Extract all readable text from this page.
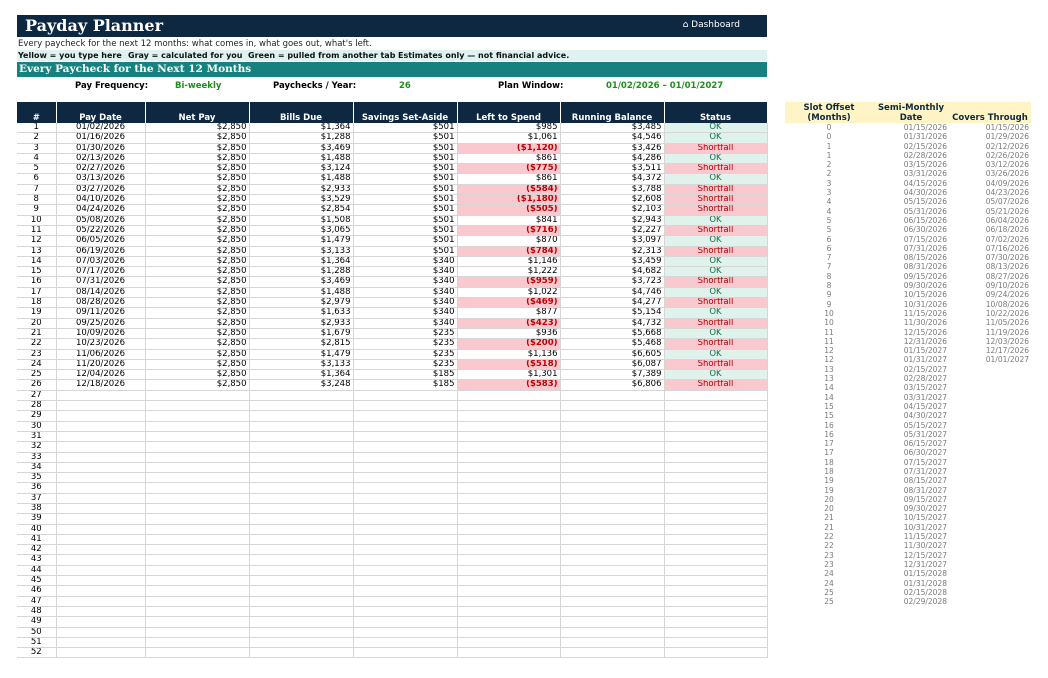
Payday Planner	⌂ Dashboard
Every paycheck for the next 12 months: what comes in, what goes out, what's left.
Yellow = you type here Gray = calculated for you Green = pulled from another tab Estimates only — not financial advice.
Every Paycheck for the Next 12 Months
Pay Frequency:	Bi-weekly	Paychecks / Year:	26	Plan Window:	01/02/2026 – 01/01/2027
#	Pay Date	Net Pay	Bills Due	Savings Set-Aside	Left to Spend	Running Balance	Status
1	01/02/2026	$2,850	$1,364	$501	$985	$3,485	OK
2	01/16/2026	$2,850	$1,288	$501	$1,061	$4,546	OK
3	01/30/2026	$2,850	$3,469	$501	($1,120)	$3,426	Shortfall
4	02/13/2026	$2,850	$1,488	$501	$861	$4,286	OK
5	02/27/2026	$2,850	$3,124	$501	($775)	$3,511	Shortfall
6	03/13/2026	$2,850	$1,488	$501	$861	$4,372	OK
7	03/27/2026	$2,850	$2,933	$501	($584)	$3,788	Shortfall
8	04/10/2026	$2,850	$3,529	$501	($1,180)	$2,608	Shortfall
9	04/24/2026	$2,850	$2,854	$501	($505)	$2,103	Shortfall
10	05/08/2026	$2,850	$1,508	$501	$841	$2,943	OK
11	05/22/2026	$2,850	$3,065	$501	($716)	$2,227	Shortfall
12	06/05/2026	$2,850	$1,479	$501	$870	$3,097	OK
13	06/19/2026	$2,850	$3,133	$501	($784)	$2,313	Shortfall
14	07/03/2026	$2,850	$1,364	$340	$1,146	$3,459	OK
15	07/17/2026	$2,850	$1,288	$340	$1,222	$4,682	OK
16	07/31/2026	$2,850	$3,469	$340	($959)	$3,723	Shortfall
17	08/14/2026	$2,850	$1,488	$340	$1,022	$4,746	OK
18	08/28/2026	$2,850	$2,979	$340	($469)	$4,277	Shortfall
19	09/11/2026	$2,850	$1,633	$340	$877	$5,154	OK
20	09/25/2026	$2,850	$2,933	$340	($423)	$4,732	Shortfall
21	10/09/2026	$2,850	$1,679	$235	$936	$5,668	OK
22	10/23/2026	$2,850	$2,815	$235	($200)	$5,468	Shortfall
23	11/06/2026	$2,850	$1,479	$235	$1,136	$6,605	OK
24	11/20/2026	$2,850	$3,133	$235	($518)	$6,087	Shortfall
25	12/04/2026	$2,850	$1,364	$185	$1,301	$7,389	OK
26	12/18/2026	$2,850	$3,248	$185	($583)	$6,806	Shortfall
27							
28							
29							
30							
31							
32							
33							
34							
35							
36							
37							
38							
39							
40							
41							
42							
43							
44							
45							
46							
47							
48							
49							
50							
51							
52							
Slot Offset (Months)	Semi-Monthly Date	Covers Through
0	01/15/2026	01/15/2026
0	01/31/2026	01/29/2026
1	02/15/2026	02/12/2026
1	02/28/2026	02/26/2026
2	03/15/2026	03/12/2026
2	03/31/2026	03/26/2026
3	04/15/2026	04/09/2026
3	04/30/2026	04/23/2026
4	05/15/2026	05/07/2026
4	05/31/2026	05/21/2026
5	06/15/2026	06/04/2026
5	06/30/2026	06/18/2026
6	07/15/2026	07/02/2026
6	07/31/2026	07/16/2026
7	08/15/2026	07/30/2026
7	08/31/2026	08/13/2026
8	09/15/2026	08/27/2026
8	09/30/2026	09/10/2026
9	10/15/2026	09/24/2026
9	10/31/2026	10/08/2026
10	11/15/2026	10/22/2026
10	11/30/2026	11/05/2026
11	12/15/2026	11/19/2026
11	12/31/2026	12/03/2026
12	01/15/2027	12/17/2026
12	01/31/2027	01/01/2027
13	02/15/2027	
13	02/28/2027	
14	03/15/2027	
14	03/31/2027	
15	04/15/2027	
15	04/30/2027	
16	05/15/2027	
16	05/31/2027	
17	06/15/2027	
17	06/30/2027	
18	07/15/2027	
18	07/31/2027	
19	08/15/2027	
19	08/31/2027	
20	09/15/2027	
20	09/30/2027	
21	10/15/2027	
21	10/31/2027	
22	11/15/2027	
22	11/30/2027	
23	12/15/2027	
23	12/31/2027	
24	01/15/2028	
24	01/31/2028	
25	02/15/2028	
25	02/29/2028	
